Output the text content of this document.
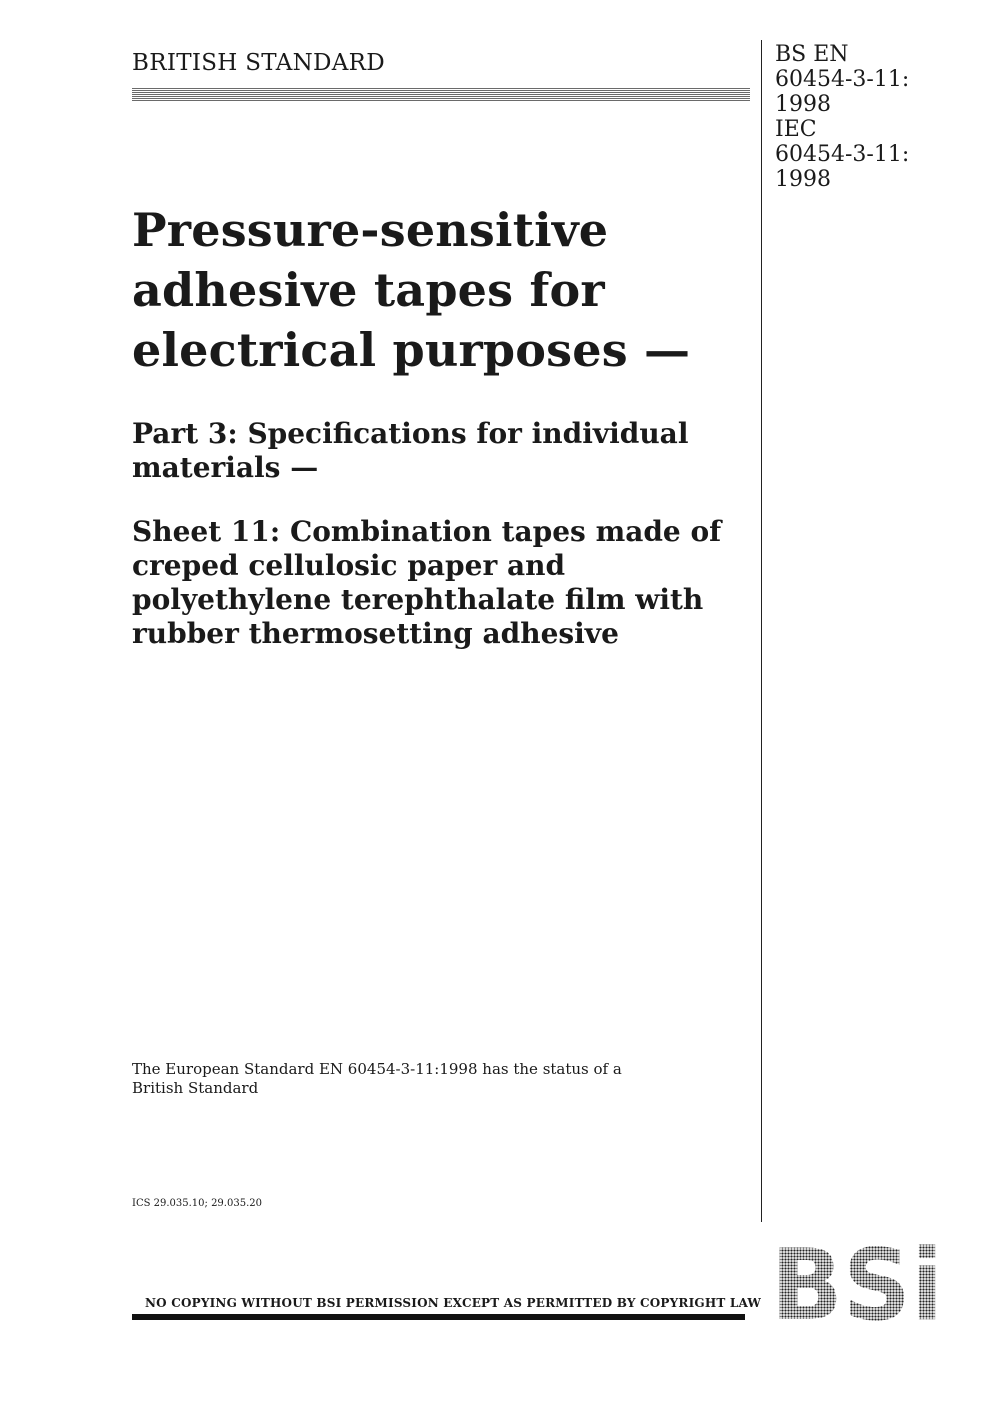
BRITISH STANDARD	BS EN
60454-3-11:
1998
IEC
60454-3-11:
1998
Pressure-sensitive
adhesive tapes for
electrical purposes —
Part 3: Specifications for individual
materials —
Sheet 11: Combination tapes made of
creped cellulosic paper and
polyethylene terephthalate film with
rubber thermosetting adhesive
The European Standard EN 60454-3-11:1998 has the status of a
British Standard
ICS 29.035.10; 29.035.20
NO COPYING WITHOUT BSI PERMISSION EXCEPT AS PERMITTED BY COPYRIGHT LAW BSi
